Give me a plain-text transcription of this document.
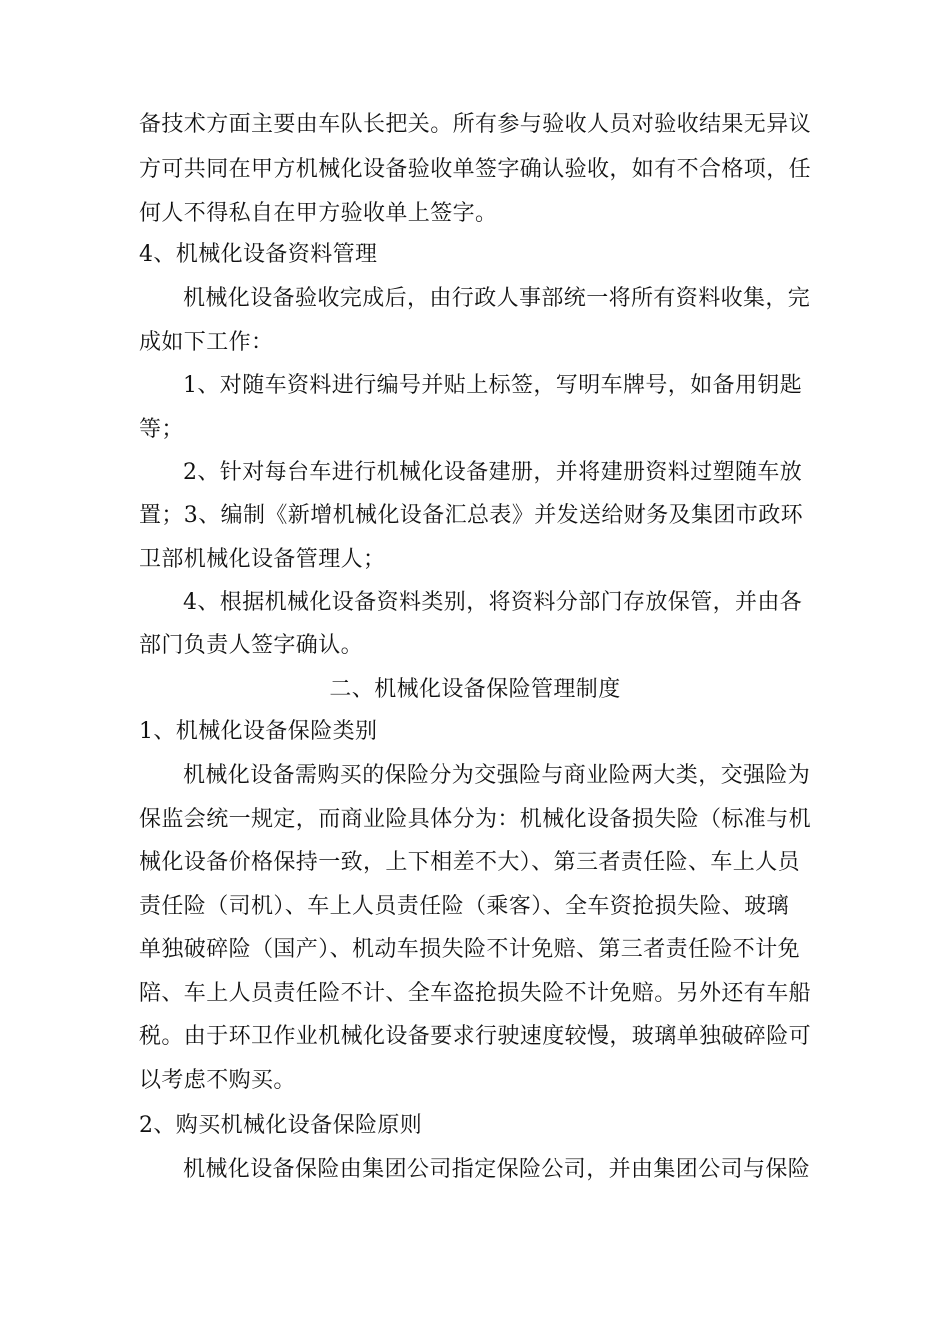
备技术方面主要由车队长把关。所有参与验收人员对验收结果无异议
方可共同在甲方机械化设备验收单签字确认验收，如有不合格项，任
何人不得私自在甲方验收单上签字。
4、机械化设备资料管理
机械化设备验收完成后，由行政人事部统一将所有资料收集，完
成如下工作：
1、对随车资料进行编号并贴上标签，写明车牌号，如备用钥匙
等；
2、针对每台车进行机械化设备建册，并将建册资料过塑随车放
置；3、编制《新增机械化设备汇总表》并发送给财务及集团市政环
卫部机械化设备管理人；
4、根据机械化设备资料类别，将资料分部门存放保管，并由各
部门负责人签字确认。
二、机械化设备保险管理制度
1、机械化设备保险类别
机械化设备需购买的保险分为交强险与商业险两大类，交强险为
保监会统一规定，而商业险具体分为：机械化设备损失险（标准与机
械化设备价格保持一致，上下相差不大）、第三者责任险、车上人员
责任险（司机）、车上人员责任险（乘客）、全车资抢损失险、玻璃
单独破碎险（国产）、机动车损失险不计免赔、第三者责任险不计免
陪、车上人员责任险不计、全车盗抢损失险不计免赔。另外还有车船
税。由于环卫作业机械化设备要求行驶速度较慢，玻璃单独破碎险可
以考虑不购买。
2、购买机械化设备保险原则
机械化设备保险由集团公司指定保险公司，并由集团公司与保险
